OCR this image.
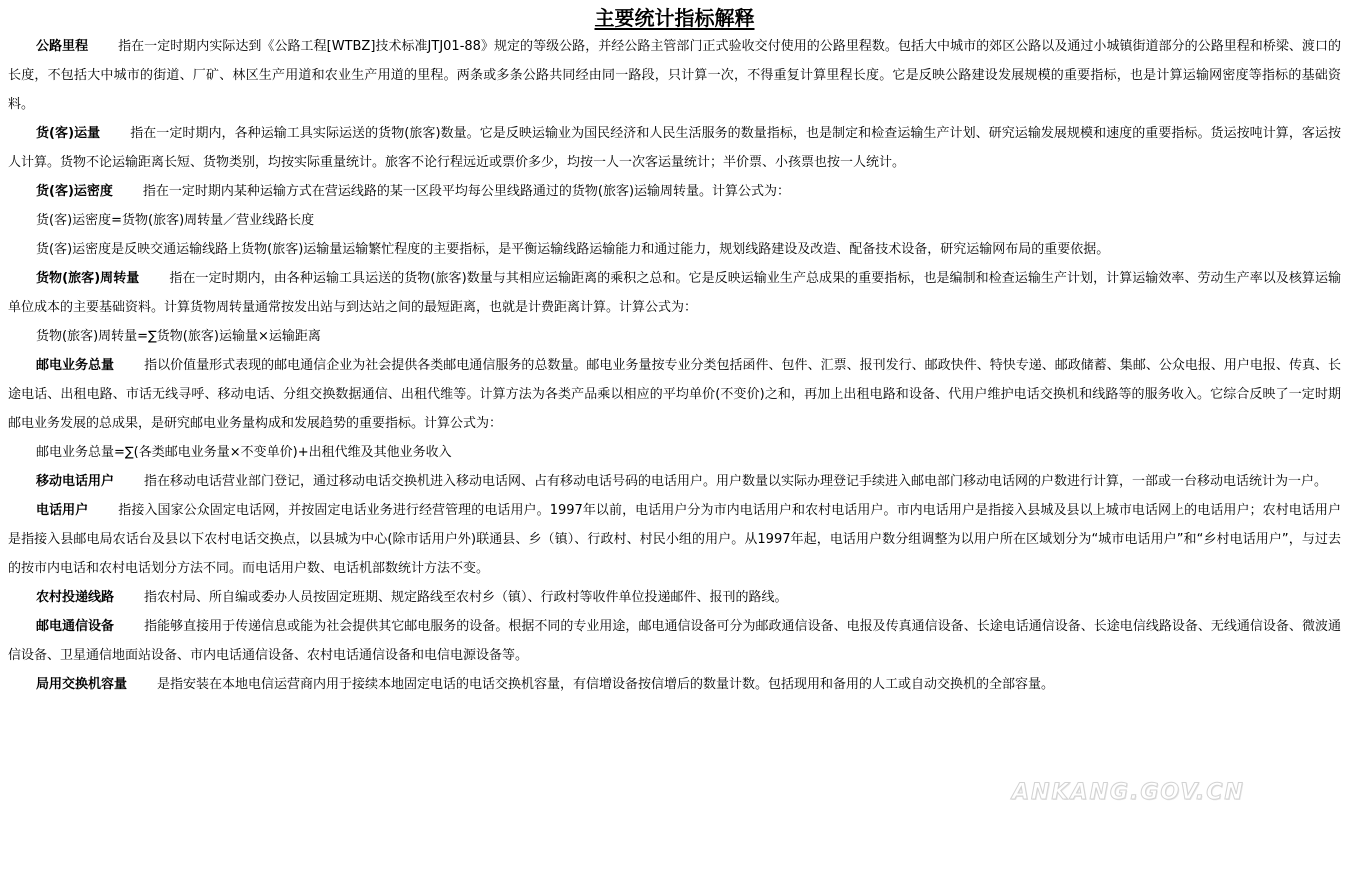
主要统计指标解释

公路里程 指在一定时期内实际达到《公路工程[WTBZ]技术标准JTJ01-88》规定的等级公路，并经公路主管部门正式验收交付使用的公路里程数。包括大中城市的郊区公路以及通过小城镇街道部分的公路里程和桥梁、渡口的长度，不包括大中城市的街道、厂矿、林区生产用道和农业生产用道的里程。两条或多条公路共同经由同一路段，只计算一次，不得重复计算里程长度。它是反映公路建设发展规模的重要指标，也是计算运输网密度等指标的基础资料。

货(客)运量 指在一定时期内，各种运输工具实际运送的货物(旅客)数量。它是反映运输业为国民经济和人民生活服务的数量指标，也是制定和检查运输生产计划、研究运输发展规模和速度的重要指标。货运按吨计算，客运按人计算。货物不论运输距离长短、货物类别，均按实际重量统计。旅客不论行程远近或票价多少，均按一人一次客运量统计；半价票、小孩票也按一人统计。

货(客)运密度 指在一定时期内某种运输方式在营运线路的某一区段平均每公里线路通过的货物(旅客)运输周转量。计算公式为：

货(客)运密度=货物(旅客)周转量／营业线路长度

货(客)运密度是反映交通运输线路上货物(旅客)运输量运输繁忙程度的主要指标，是平衡运输线路运输能力和通过能力，规划线路建设及改造、配备技术设备，研究运输网布局的重要依据。

货物(旅客)周转量 指在一定时期内，由各种运输工具运送的货物(旅客)数量与其相应运输距离的乘积之总和。它是反映运输业生产总成果的重要指标，也是编制和检查运输生产计划，计算运输效率、劳动生产率以及核算运输单位成本的主要基础资料。计算货物周转量通常按发出站与到达站之间的最短距离，也就是计费距离计算。计算公式为：

货物(旅客)周转量=∑货物(旅客)运输量×运输距离

邮电业务总量 指以价值量形式表现的邮电通信企业为社会提供各类邮电通信服务的总数量。邮电业务量按专业分类包括函件、包件、汇票、报刊发行、邮政快件、特快专递、邮政储蓄、集邮、公众电报、用户电报、传真、长途电话、出租电路、市话无线寻呼、移动电话、分组交换数据通信、出租代维等。计算方法为各类产品乘以相应的平均单价(不变价)之和，再加上出租电路和设备、代用户维护电话交换机和线路等的服务收入。它综合反映了一定时期邮电业务发展的总成果，是研究邮电业务量构成和发展趋势的重要指标。计算公式为：

邮电业务总量=∑(各类邮电业务量×不变单价)+出租代维及其他业务收入

移动电话用户 指在移动电话营业部门登记，通过移动电话交换机进入移动电话网、占有移动电话号码的电话用户。用户数量以实际办理登记手续进入邮电部门移动电话网的户数进行计算，一部或一台移动电话统计为一户。

电话用户 指接入国家公众固定电话网，并按固定电话业务进行经营管理的电话用户。1997年以前，电话用户分为市内电话用户和农村电话用户。市内电话用户是指接入县城及县以上城市电话网上的电话用户；农村电话用户是指接入县邮电局农话台及县以下农村电话交换点，以县城为中心(除市话用户外)联通县、乡（镇）、行政村、村民小组的用户。从1997年起，电话用户数分组调整为以用户所在区域划分为“城市电话用户”和“乡村电话用户”，与过去的按市内电话和农村电话划分方法不同。而电话用户数、电话机部数统计方法不变。

农村投递线路 指农村局、所自编或委办人员按固定班期、规定路线至农村乡（镇）、行政村等收件单位投递邮件、报刊的路线。

邮电通信设备 指能够直接用于传递信息或能为社会提供其它邮电服务的设备。根据不同的专业用途，邮电通信设备可分为邮政通信设备、电报及传真通信设备、长途电话通信设备、长途电信线路设备、无线通信设备、微波通信设备、卫星通信地面站设备、市内电话通信设备、农村电话通信设备和电信电源设备等。

局用交换机容量 是指安装在本地电信运营商内用于接续本地固定电话的电话交换机容量，有信增设备按信增后的数量计数。包括现用和备用的人工或自动交换机的全部容量。

ANKANG.GOV.CN
